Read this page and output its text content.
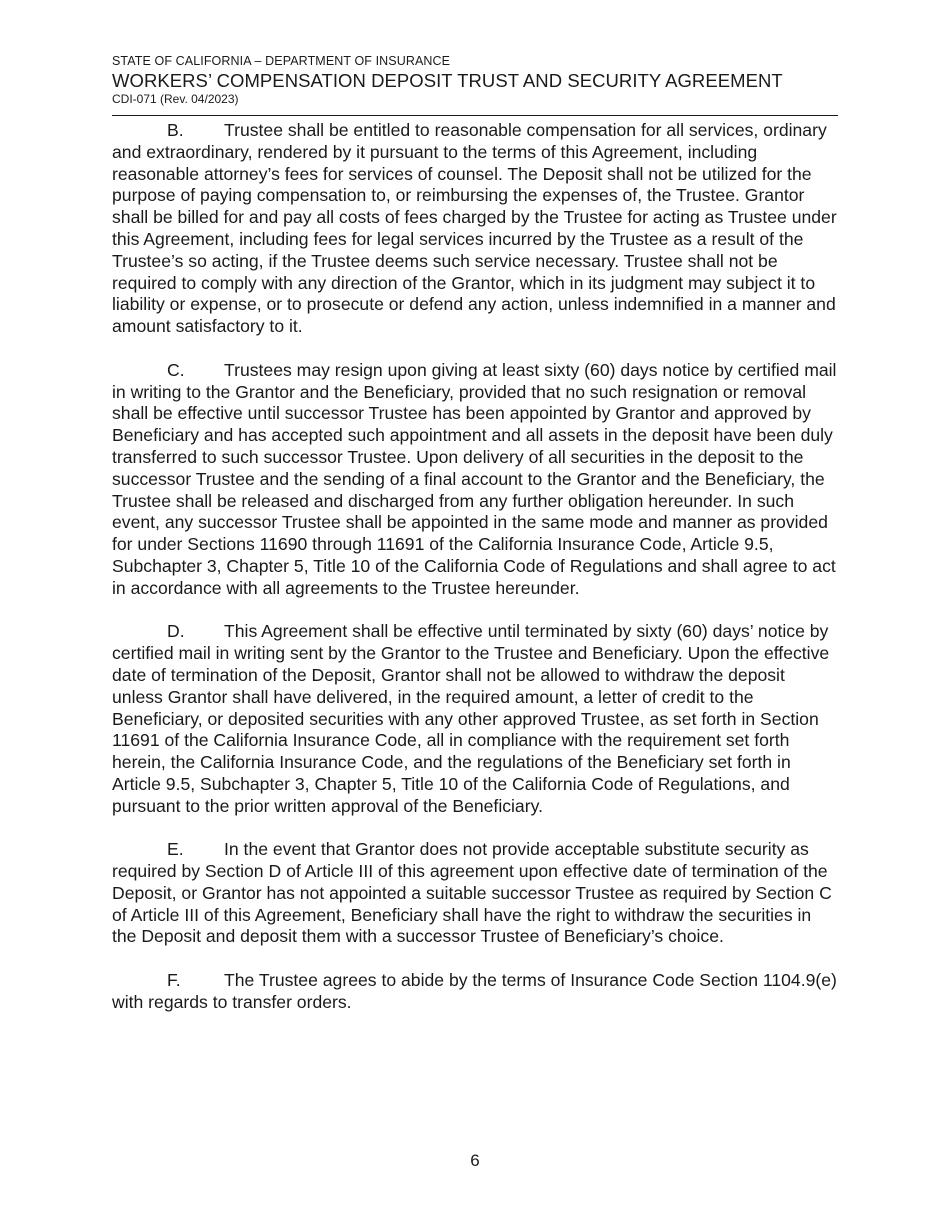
STATE OF CALIFORNIA – DEPARTMENT OF INSURANCE
WORKERS’ COMPENSATION DEPOSIT TRUST AND SECURITY AGREEMENT
CDI-071 (Rev. 04/2023)

B. Trustee shall be entitled to reasonable compensation for all services, ordinary and extraordinary, rendered by it pursuant to the terms of this Agreement, including reasonable attorney’s fees for services of counsel. The Deposit shall not be utilized for the purpose of paying compensation to, or reimbursing the expenses of, the Trustee. Grantor shall be billed for and pay all costs of fees charged by the Trustee for acting as Trustee under this Agreement, including fees for legal services incurred by the Trustee as a result of the Trustee’s so acting, if the Trustee deems such service necessary. Trustee shall not be required to comply with any direction of the Grantor, which in its judgment may subject it to liability or expense, or to prosecute or defend any action, unless indemnified in a manner and amount satisfactory to it.

C. Trustees may resign upon giving at least sixty (60) days notice by certified mail in writing to the Grantor and the Beneficiary, provided that no such resignation or removal shall be effective until successor Trustee has been appointed by Grantor and approved by Beneficiary and has accepted such appointment and all assets in the deposit have been duly transferred to such successor Trustee. Upon delivery of all securities in the deposit to the successor Trustee and the sending of a final account to the Grantor and the Beneficiary, the Trustee shall be released and discharged from any further obligation hereunder. In such event, any successor Trustee shall be appointed in the same mode and manner as provided for under Sections 11690 through 11691 of the California Insurance Code, Article 9.5, Subchapter 3, Chapter 5, Title 10 of the California Code of Regulations and shall agree to act in accordance with all agreements to the Trustee hereunder.

D. This Agreement shall be effective until terminated by sixty (60) days’ notice by certified mail in writing sent by the Grantor to the Trustee and Beneficiary. Upon the effective date of termination of the Deposit, Grantor shall not be allowed to withdraw the deposit unless Grantor shall have delivered, in the required amount, a letter of credit to the Beneficiary, or deposited securities with any other approved Trustee, as set forth in Section 11691 of the California Insurance Code, all in compliance with the requirement set forth herein, the California Insurance Code, and the regulations of the Beneficiary set forth in Article 9.5, Subchapter 3, Chapter 5, Title 10 of the California Code of Regulations, and pursuant to the prior written approval of the Beneficiary.

E. In the event that Grantor does not provide acceptable substitute security as required by Section D of Article III of this agreement upon effective date of termination of the Deposit, or Grantor has not appointed a suitable successor Trustee as required by Section C of Article III of this Agreement, Beneficiary shall have the right to withdraw the securities in the Deposit and deposit them with a successor Trustee of Beneficiary’s choice.

F. The Trustee agrees to abide by the terms of Insurance Code Section 1104.9(e) with regards to transfer orders.

6
